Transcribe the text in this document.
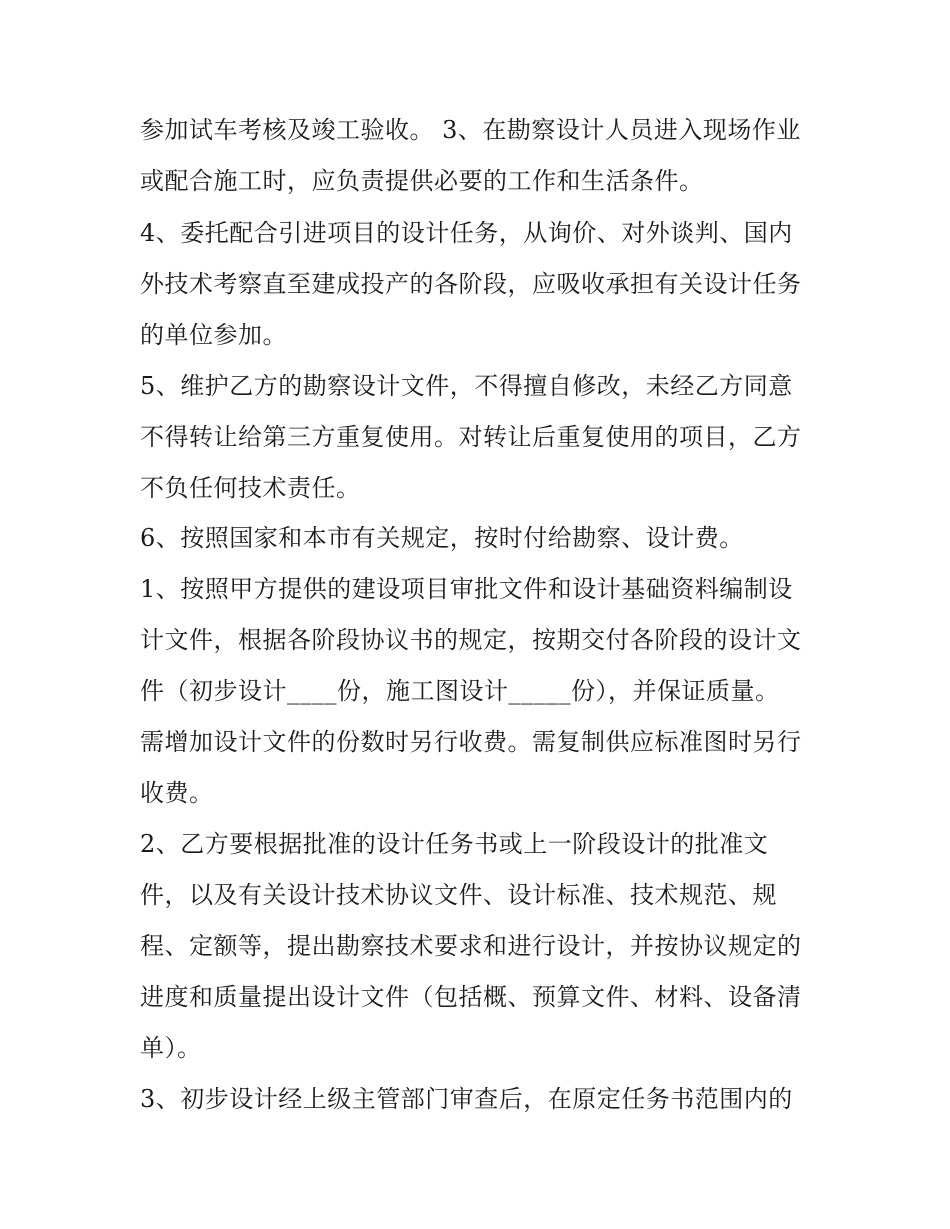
参加试车考核及竣工验收。 3、在勘察设计人员进入现场作业
或配合施工时，应负责提供必要的工作和生活条件。
4、委托配合引进项目的设计任务，从询价、对外谈判、国内
外技术考察直至建成投产的各阶段，应吸收承担有关设计任务
的单位参加。
5、维护乙方的勘察设计文件，不得擅自修改，未经乙方同意
不得转让给第三方重复使用。对转让后重复使用的项目，乙方
不负任何技术责任。
6、按照国家和本市有关规定，按时付给勘察、设计费。
1、按照甲方提供的建设项目审批文件和设计基础资料编制设
计文件，根据各阶段协议书的规定，按期交付各阶段的设计文
件（初步设计____份，施工图设计_____份），并保证质量。
需增加设计文件的份数时另行收费。需复制供应标准图时另行
收费。
2、乙方要根据批准的设计任务书或上一阶段设计的批准文
件，以及有关设计技术协议文件、设计标准、技术规范、规
程、定额等，提出勘察技术要求和进行设计，并按协议规定的
进度和质量提出设计文件（包括概、预算文件、材料、设备清
单）。
3、初步设计经上级主管部门审查后，在原定任务书范围内的
